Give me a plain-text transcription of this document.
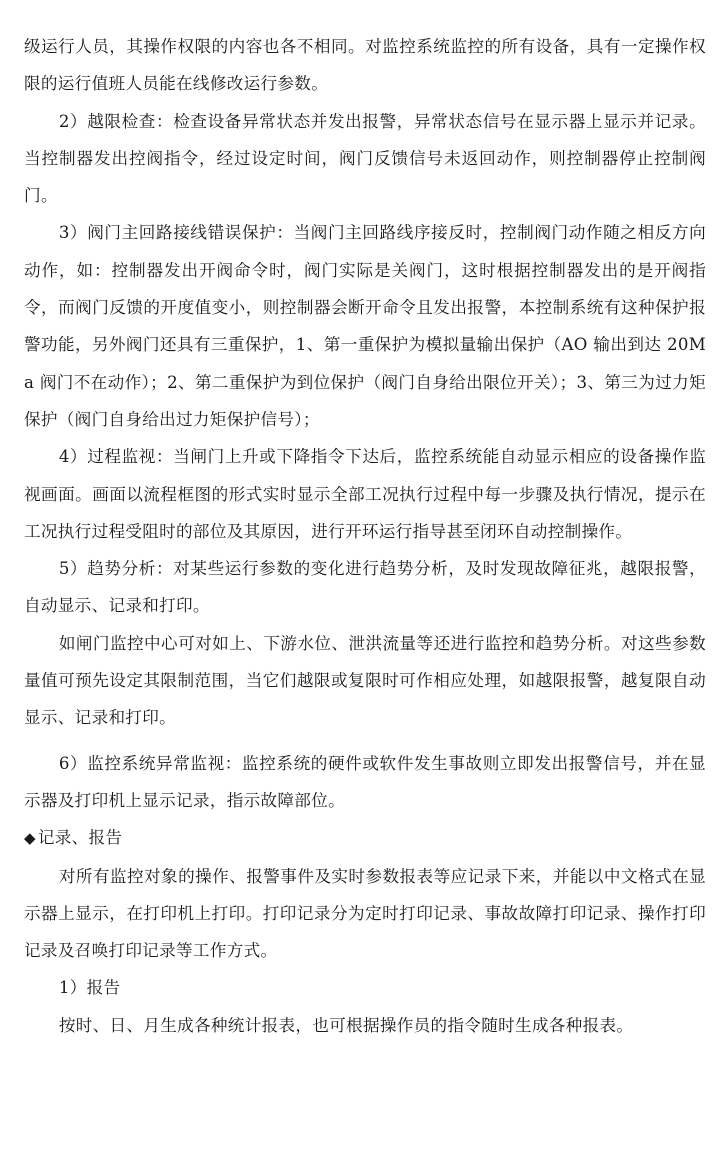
级运行人员，其操作权限的内容也各不相同。对监控系统监控的所有设备，具有一定操作权限的运行值班人员能在线修改运行参数。

2）越限检查：检查设备异常状态并发出报警，异常状态信号在显示器上显示并记录。当控制器发出控阀指令，经过设定时间，阀门反馈信号未返回动作，则控制器停止控制阀门。

3）阀门主回路接线错误保护：当阀门主回路线序接反时，控制阀门动作随之相反方向动作，如：控制器发出开阀命令时，阀门实际是关阀门，这时根据控制器发出的是开阀指令，而阀门反馈的开度值变小，则控制器会断开命令且发出报警，本控制系统有这种保护报警功能，另外阀门还具有三重保护，1、第一重保护为模拟量输出保护（AO 输出到达 20Ma 阀门不在动作）；2、第二重保护为到位保护（阀门自身给出限位开关）；3、第三为过力矩保护（阀门自身给出过力矩保护信号）；

4）过程监视：当闸门上升或下降指令下达后，监控系统能自动显示相应的设备操作监视画面。画面以流程框图的形式实时显示全部工况执行过程中每一步骤及执行情况，提示在工况执行过程受阻时的部位及其原因，进行开环运行指导甚至闭环自动控制操作。

5）趋势分析：对某些运行参数的变化进行趋势分析，及时发现故障征兆，越限报警，自动显示、记录和打印。

如闸门监控中心可对如上、下游水位、泄洪流量等还进行监控和趋势分析。对这些参数量值可预先设定其限制范围，当它们越限或复限时可作相应处理，如越限报警，越复限自动显示、记录和打印。

6）监控系统异常监视：监控系统的硬件或软件发生事故则立即发出报警信号，并在显示器及打印机上显示记录，指示故障部位。

◆ 记录、报告

对所有监控对象的操作、报警事件及实时参数报表等应记录下来，并能以中文格式在显示器上显示，在打印机上打印。打印记录分为定时打印记录、事故故障打印记录、操作打印记录及召唤打印记录等工作方式。

1）报告

按时、日、月生成各种统计报表，也可根据操作员的指令随时生成各种报表。
